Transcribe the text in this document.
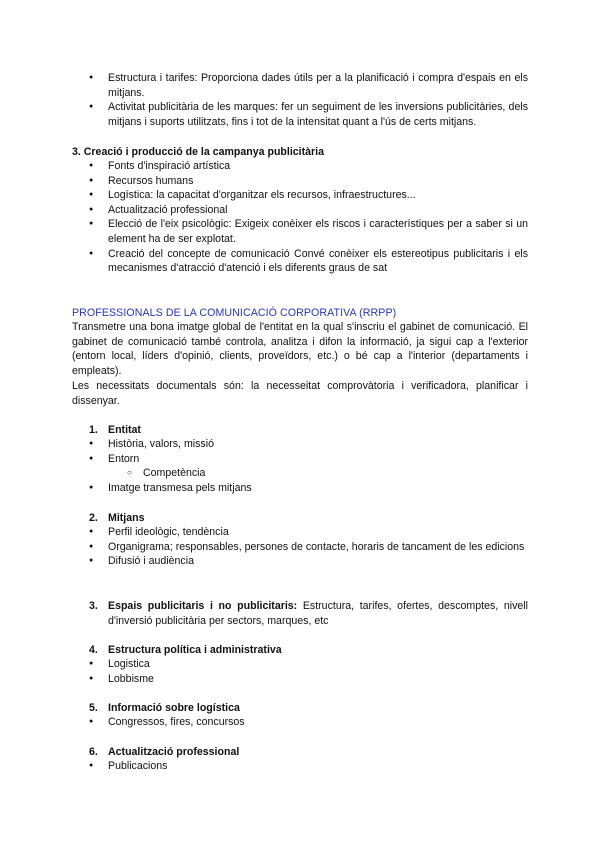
● Estructura i tarifes: Proporciona dades útils per a la planificació i compra d'espais en els mitjans.
● Activitat publicitària de les marques: fer un seguiment de les inversions publicitàries, dels mitjans i suports utilitzats, fins i tot de la intensitat quant a l'ús de certs mitjans.
3. Creació i producció de la campanya publicitària
● Fonts d'inspiració artística
● Recursos humans
● Logística: la capacitat d'organitzar els recursos, infraestructures...
● Actualització professional
● Elecció de l'eix psicològic: Exigeix conèixer els riscos i característiques per a saber si un element ha de ser explotat.
● Creació del concepte de comunicació Convé conèixer els estereotipus publicitaris i els mecanismes d'atracció d'atenció i els diferents graus de sat
PROFESSIONALS DE LA COMUNICACIÓ CORPORATIVA (RRPP)
Transmetre una bona imatge global de l'entitat en la qual s'inscriu el gabinet de comunicació. El gabinet de comunicació també controla, analitza i difon la informació, ja sigui cap a l'exterior (entorn local, líders d'opinió, clients, proveïdors, etc.) o bé cap a l'interior (departaments i empleats).
Les necessitats documentals són: la necesseitat comprovàtoria i verificadora, planificar i dissenyar.
1. Entitat
● Història, valors, missió
● Entorn
○ Competència
● Imatge transmesa pels mitjans
2. Mitjans
● Perfil ideològic, tendència
● Organigrama; responsables, persones de contacte, horaris de tancament de les edicions
● Difusió i audiència
3. Espais publicitaris i no publicitaris: Estructura, tarifes, ofertes, descomptes, nivell d'inversió publicitària per sectors, marques, etc
4. Estructura política i administrativa
● Logistica
● Lobbisme
5. Informació sobre logística
● Congressos, fires, concursos
6. Actualització professional
● Publicacions
